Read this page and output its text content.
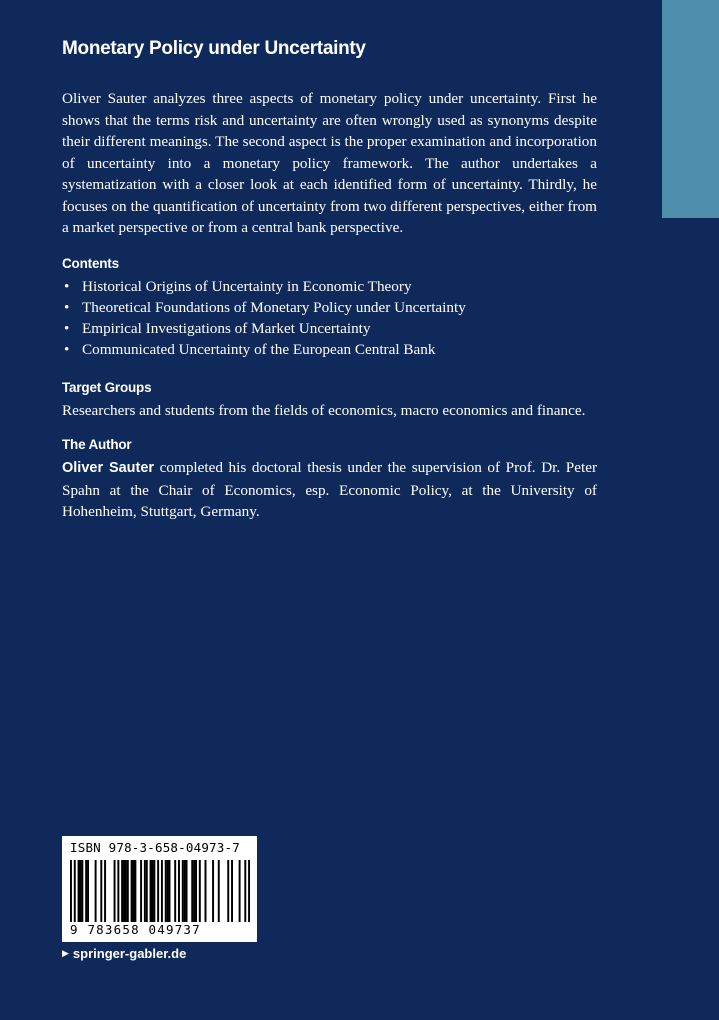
Monetary Policy under Uncertainty

Oliver Sauter analyzes three aspects of monetary policy under uncertainty. First he shows that the terms risk and uncertainty are often wrongly used as synonyms despite their different meanings. The second aspect is the proper examination and incorporation of uncertainty into a monetary policy framework. The author undertakes a systematization with a closer look at each identified form of uncertainty. Thirdly, he focuses on the quantification of uncertainty from two different perspectives, either from a market perspective or from a central bank perspective.

Contents
• Historical Origins of Uncertainty in Economic Theory
• Theoretical Foundations of Monetary Policy under Uncertainty
• Empirical Investigations of Market Uncertainty
• Communicated Uncertainty of the European Central Bank
Target Groups

Researchers and students from the fields of economics, macro economics and finance.

The Author

Oliver Sauter completed his doctoral thesis under the supervision of Prof. Dr. Peter Spahn at the Chair of Economics, esp. Economic Policy, at the University of Hohenheim, Stuttgart, Germany.

ISBN 978-3-658-04973-7
9 783658 049737
▶ springer-gabler.de
